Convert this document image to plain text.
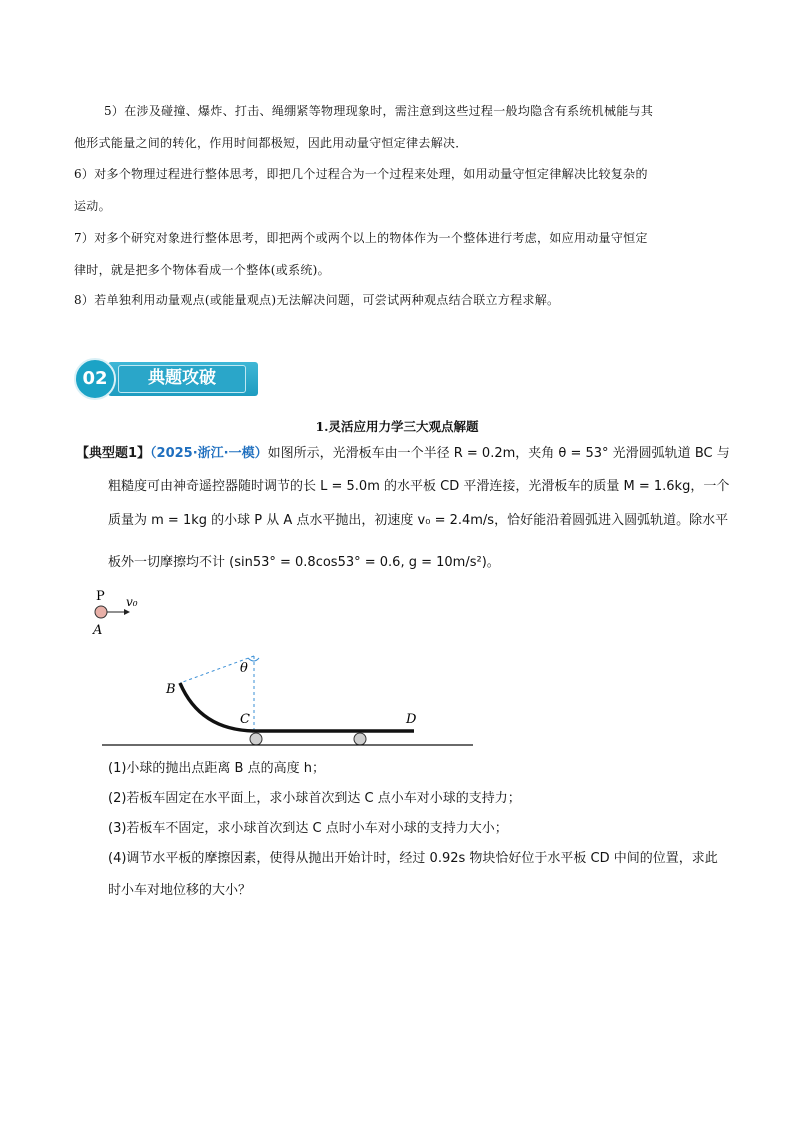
5）在涉及碰撞、爆炸、打击、绳绷紧等物理现象时，需注意到这些过程一般均隐含有系统机械能与其
他形式能量之间的转化，作用时间都极短，因此用动量守恒定律去解决．
6）对多个物理过程进行整体思考，即把几个过程合为一个过程来处理，如用动量守恒定律解决比较复杂的
运动。
7）对多个研究对象进行整体思考，即把两个或两个以上的物体作为一个整体进行考虑，如应用动量守恒定
律时，就是把多个物体看成一个整体(或系统)。
8）若单独利用动量观点(或能量观点)无法解决问题，可尝试两种观点结合联立方程求解。
典题攻破
02
1.灵活应用力学三大观点解题
【典型题1】（2025·浙江·一模）如图所示，光滑板车由一个半径 R = 0.2m，夹角 θ = 53° 光滑圆弧轨道 BC 与
粗糙度可由神奇遥控器随时调节的长 L = 5.0m 的水平板 CD 平滑连接，光滑板车的质量 M = 1.6kg，一个
质量为 m = 1kg 的小球 P 从 A 点水平抛出，初速度 v₀ = 2.4m/s，恰好能沿着圆弧进入圆弧轨道。除水平
板外一切摩擦均不计 (sin53° = 0.8cos53° = 0.6, g = 10m/s²)。
P v₀
A
θ
B
C	D
(1)小球的抛出点距离 B 点的高度 h；
(2)若板车固定在水平面上，求小球首次到达 C 点小车对小球的支持力；
(3)若板车不固定，求小球首次到达 C 点时小车对小球的支持力大小；
(4)调节水平板的摩擦因素，使得从抛出开始计时，经过 0.92s 物块恰好位于水平板 CD 中间的位置，求此
时小车对地位移的大小？
